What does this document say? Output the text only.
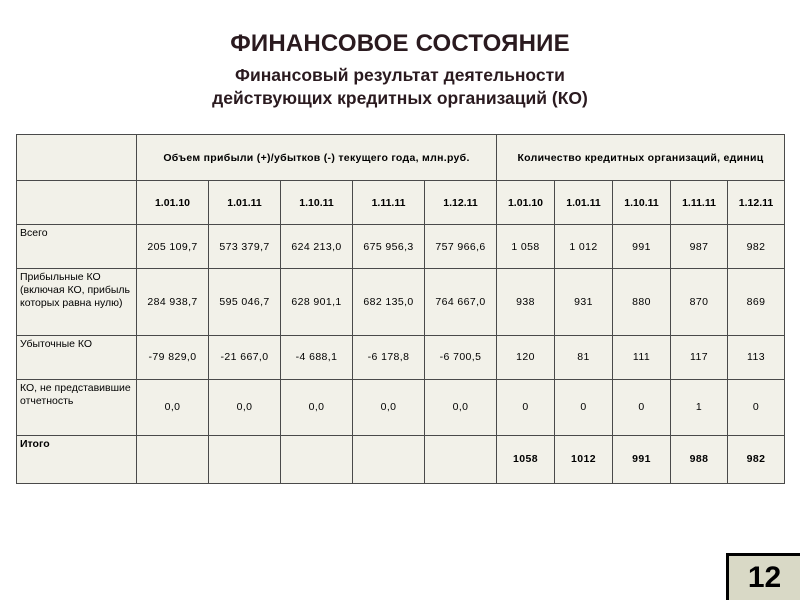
ФИНАНСОВОЕ СОСТОЯНИЕ
Финансовый результат деятельности
действующих кредитных организаций (КО)
	Объем прибыли (+)/убытков (-) текущего года, млн.руб.					Количество кредитных организаций, единиц				
	1.01.10	1.01.11	1.10.11	1.11.11	1.12.11	1.01.10	1.01.11	1.10.11	1.11.11	1.12.11
Всего	205 109,7	573 379,7	624 213,0	675 956,3	757 966,6	1 058	1 012	991	987	982
Прибыльные КО (включая КО, прибыль которых равна нулю)	284 938,7	595 046,7	628 901,1	682 135,0	764 667,0	938	931	880	870	869
Убыточные КО	-79 829,0	-21 667,0	-4 688,1	-6 178,8	-6 700,5	120	81	111	117	113
КО, не представившие отчетность	0,0	0,0	0,0	0,0	0,0	0	0	0	1	0
Итого						1058	1012	991	988	982
12
